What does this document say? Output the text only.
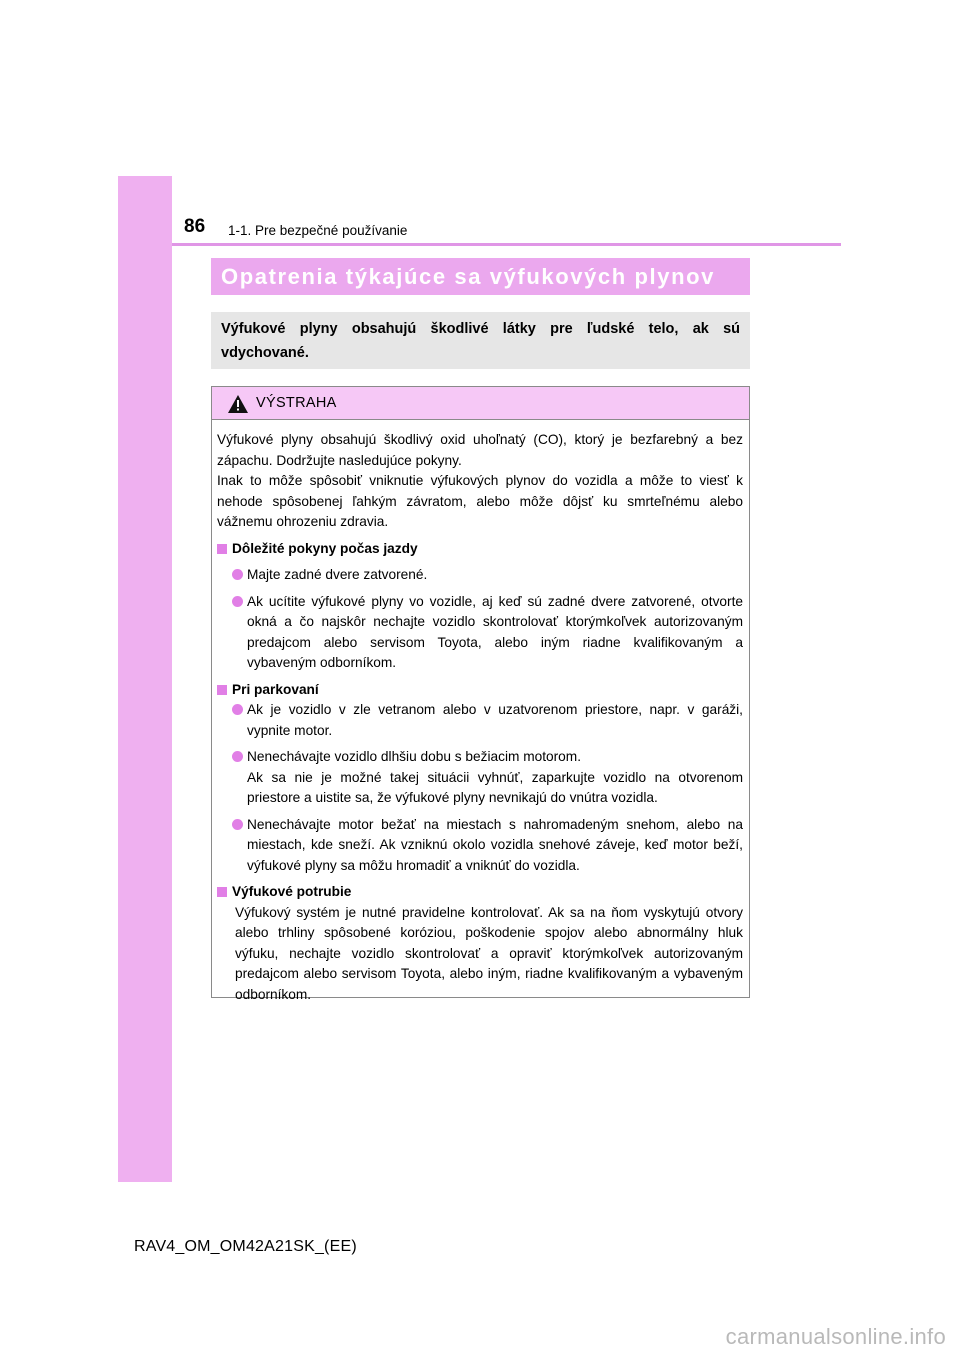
86 1-1. Pre bezpečné používanie
Opatrenia týkajúce sa výfukových plynov
Výfukové plyny obsahujú škodlivé látky pre ľudské telo, ak sú vdychované.
VÝSTRAHA

Výfukové plyny obsahujú škodlivý oxid uhoľnatý (CO), ktorý je bezfarebný a bez zápachu. Dodržujte nasledujúce pokyny.

Inak to môže spôsobiť vniknutie výfukových plynov do vozidla a môže to viesť k nehode spôsobenej ľahkým závratom, alebo môže dôjsť ku smrteľnému alebo vážnemu ohrozeniu zdravia.

Dôležité pokyny počas jazdy
Majte zadné dvere zatvorené.
Ak ucítite výfukové plyny vo vozidle, aj keď sú zadné dvere zatvorené, otvorte okná a čo najskôr nechajte vozidlo skontrolovať ktorýmkoľvek autorizovaným predajcom alebo servisom Toyota, alebo iným riadne kvalifikovaným a vybaveným odborníkom.
Pri parkovaní
Ak je vozidlo v zle vetranom alebo v uzatvorenom priestore, napr. v garáži, vypnite motor.
Nenechávajte vozidlo dlhšiu dobu s bežiacim motorom.
Ak sa nie je možné takej situácii vyhnúť, zaparkujte vozidlo na otvorenom priestore a uistite sa, že výfukové plyny nevnikajú do vnútra vozidla.
Nenechávajte motor bežať na miestach s nahromadeným snehom, alebo na miestach, kde sneží. Ak vzniknú okolo vozidla snehové záveje, keď motor beží, výfukové plyny sa môžu hromadiť a vniknúť do vozidla.
Výfukové potrubie
Výfukový systém je nutné pravidelne kontrolovať. Ak sa na ňom vyskytujú otvory alebo trhliny spôsobené koróziou, poškodenie spojov alebo abnormálny hluk výfuku, nechajte vozidlo skontrolovať a opraviť ktorýmkoľvek autorizovaným predajcom alebo servisom Toyota, alebo iným, riadne kvalifikovaným a vybaveným odborníkom.
RAV4_OM_OM42A21SK_(EE)
carmanualsonline.info
